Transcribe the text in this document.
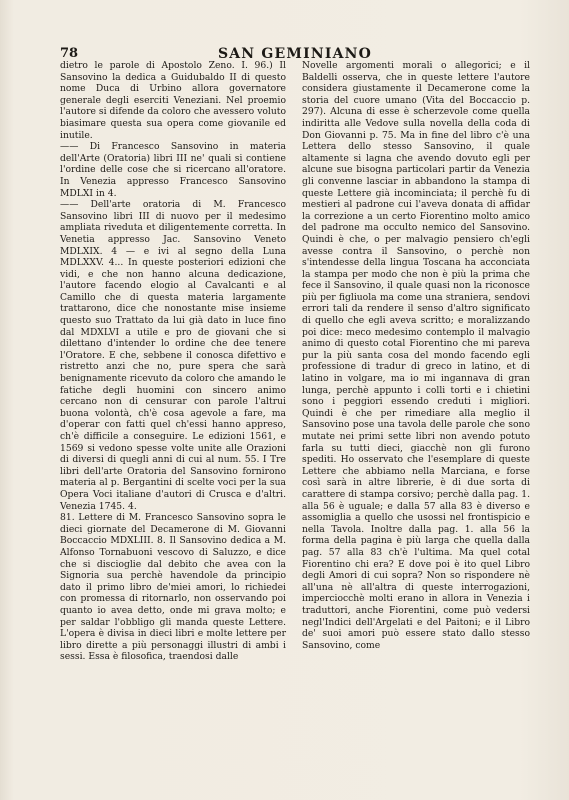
78	SAN GEMINIANO

dietro le parole di Apostolo Zeno. I. 96.) Il Sansovino la dedica a Guidubaldo II di questo nome Duca di Urbino allora governatore generale degli eserciti Veneziani. Nel proemio l'autore si difende da coloro che avessero voluto biasimare questa sua opera come giovanile ed inutile.

—— Di Francesco Sansovino in materia dell'Arte (Oratoria) libri III ne' quali si contiene l'ordine delle cose che si ricercano all'oratore. In Venezia appresso Francesco Sansovino MDLXI in 4.

—— Dell'arte oratoria di M. Francesco Sansovino libri III di nuovo per il medesimo ampliata riveduta et diligentemente corretta. In Venetia appresso Jac. Sansovino Veneto MDLXIX. 4 — e ivi al segno della Luna MDLXXV. 4... In queste posteriori edizioni che vidi, e che non hanno alcuna dedicazione, l'autore facendo elogio al Cavalcanti e al Camillo che di questa materia largamente trattarono, dice che nonostante mise insieme questo suo Trattato da lui già dato in luce fino dal MDXLVI a utile e pro de giovani che si dilettano d'intender lo ordine che dee tenere l'Oratore. E che, sebbene il conosca difettivo e ristretto anzi che no, pure spera che sarà benignamente ricevuto da coloro che amando le fatiche degli huomini con sincero animo cercano non di censurar con parole l'altrui buona volontà, ch'è cosa agevole a fare, ma d'operar con fatti quel ch'essi hanno appreso, ch'è difficile a conseguire. Le edizioni 1561, e 1569 si vedono spesse volte unite alle Orazioni di diversi di quegli anni di cui al num. 55. I Tre libri dell'arte Oratoria del Sansovino fornirono materia al p. Bergantini di scelte voci per la sua Opera Voci italiane d'autori di Crusca e d'altri. Venezia 1745. 4.

81. Lettere di M. Francesco Sansovino sopra le dieci giornate del Decamerone di M. Giovanni Boccaccio MDXLIII. 8. Il Sansovino dedica a M. Alfonso Tornabuoni vescovo di Saluzzo, e dice che si discioglie dal debito che avea con la Signoria sua perchè havendole da principio dato il primo libro de'miei amori, lo richiedei con promessa di ritornarlo, non osservando poi quanto io avea detto, onde mi grava molto; e per saldar l'obbligo gli manda queste Lettere. L'opera è divisa in dieci libri e molte lettere per libro dirette a più personaggi illustri di ambi i sessi. Essa è filosofica, traendosi dalle

Novelle argomenti morali o allegorici; e il Baldelli osserva, che in queste lettere l'autore considera giustamente il Decamerone come la storia del cuore umano (Vita del Boccaccio p. 297). Alcuna di esse è scherzevole come quella indiritta alle Vedove sulla novella della coda di Don Giovanni p. 75. Ma in fine del libro c'è una Lettera dello stesso Sansovino, il quale altamente si lagna che avendo dovuto egli per alcune sue bisogna particolari partir da Venezia gli convenne lasciar in abbandono la stampa di queste Lettere già incominciata; il perchè fu di mestieri al padrone cui l'aveva donata di affidar la correzione a un certo Fiorentino molto amico del padrone ma occulto nemico del Sansovino. Quindi è che, o per malvagio pensiero ch'egli avesse contra il Sansovino, o perchè non s'intendesse della lingua Toscana ha acconciata la stampa per modo che non è più la prima che fece il Sansovino, il quale quasi non la riconosce più per figliuola ma come una straniera, sendovi errori tali da rendere il senso d'altro significato di quello che egli aveva scritto; e moralizzando poi dice: meco medesimo contemplo il malvagio animo di questo cotal Fiorentino che mi pareva pur la più santa cosa del mondo facendo egli professione di tradur di greco in latino, et di latino in volgare, ma io mi ingannava di gran lunga, perchè appunto i colli torti e i chietini sono i peggiori essendo creduti i migliori. Quindi è che per rimediare alla meglio il Sansovino pose una tavola delle parole che sono mutate nei primi sette libri non avendo potuto farla su tutti dieci, giacchè non gli furono spediti. Ho osservato che l'esemplare di queste Lettere che abbiamo nella Marciana, e forse così sarà in altre librerie, è di due sorta di carattere di stampa corsivo; perchè dalla pag. 1. alla 56 è uguale; e dalla 57 alla 83 è diverso e assomiglia a quello che usossi nel frontispicio e nella Tavola. Inoltre dalla pag. 1. alla 56 la forma della pagina è più larga che quella dalla pag. 57 alla 83 ch'è l'ultima. Ma quel cotal Fiorentino chi era? E dove poi è ito quel Libro degli Amori di cui sopra? Non so rispondere nè all'una nè all'altra di queste interrogazioni, imperciocchè molti erano in allora in Venezia i traduttori, anche Fiorentini, come può vedersi negl'Indici dell'Argelati e del Paitoni; e il Libro de' suoi amori può essere stato dallo stesso Sansovino, come
